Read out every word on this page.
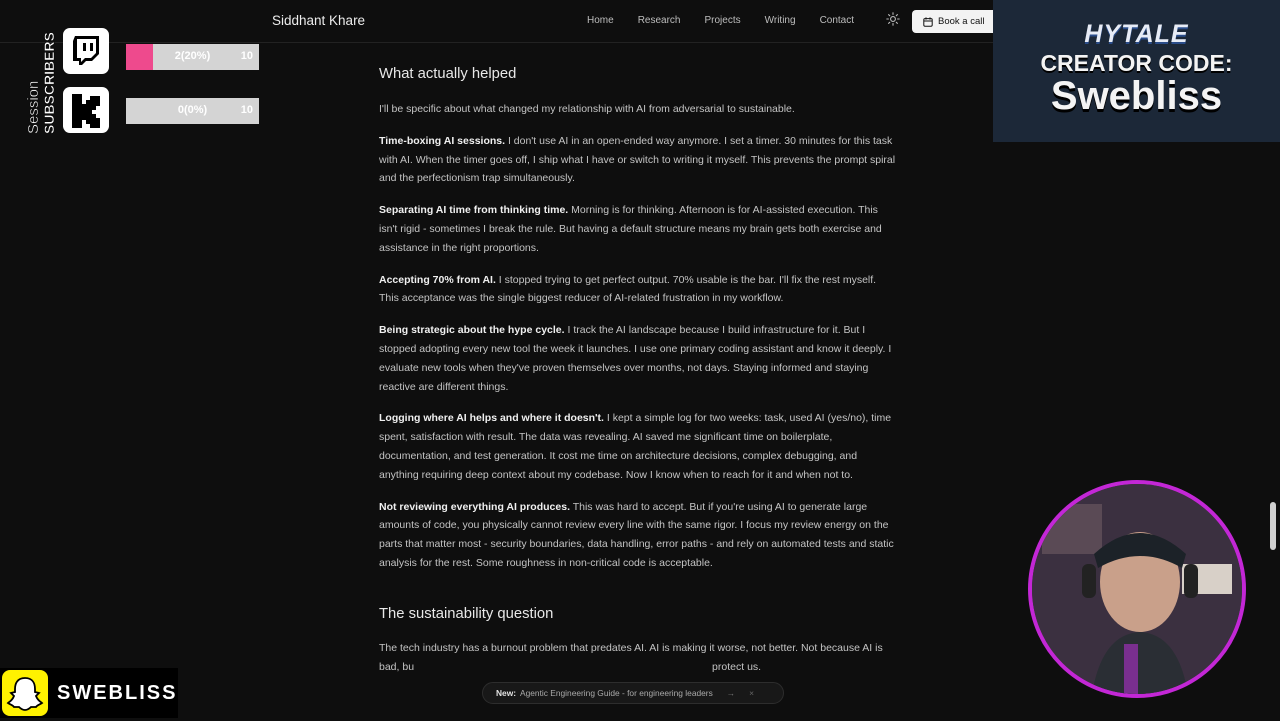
Siddhant Khare	Home Research Projects Writing Contact	Book a call
What actually helped

I'll be specific about what changed my relationship with AI from adversarial to sustainable.

Time-boxing AI sessions. I don't use AI in an open-ended way anymore. I set a timer. 30 minutes for this task with AI. When the timer goes off, I ship what I have or switch to writing it myself. This prevents the prompt spiral and the perfectionism trap simultaneously.

Separating AI time from thinking time. Morning is for thinking. Afternoon is for AI-assisted execution. This isn't rigid - sometimes I break the rule. But having a default structure means my brain gets both exercise and assistance in the right proportions.

Accepting 70% from AI. I stopped trying to get perfect output. 70% usable is the bar. I'll fix the rest myself. This acceptance was the single biggest reducer of AI-related frustration in my workflow.

Being strategic about the hype cycle. I track the AI landscape because I build infrastructure for it. But I stopped adopting every new tool the week it launches. I use one primary coding assistant and know it deeply. I evaluate new tools when they've proven themselves over months, not days. Staying informed and staying reactive are different things.

Logging where AI helps and where it doesn't. I kept a simple log for two weeks: task, used AI (yes/no), time spent, satisfaction with result. The data was revealing. AI saved me significant time on boilerplate, documentation, and test generation. It cost me time on architecture decisions, complex debugging, and anything requiring deep context about my codebase. Now I know when to reach for it and when not to.

Not reviewing everything AI produces. This was hard to accept. But if you're using AI to generate large amounts of code, you physically cannot review every line with the same rigor. I focus my review energy on the parts that matter most - security boundaries, data handling, error paths - and rely on automated tests and static analysis for the rest. Some roughness in non-critical code is acceptable.

The sustainability question

The tech industry has a burnout problem that predates AI. AI is making it worse, not better. Not because AI is bad, bu	protect us.

Session SUBSCRIBERS	2(20%)	10
0(0%)	10
HYTALE
CREATOR CODE:
Swebliss
SWEBLISS	New: Agentic Engineering Guide - for engineering leaders → ×
